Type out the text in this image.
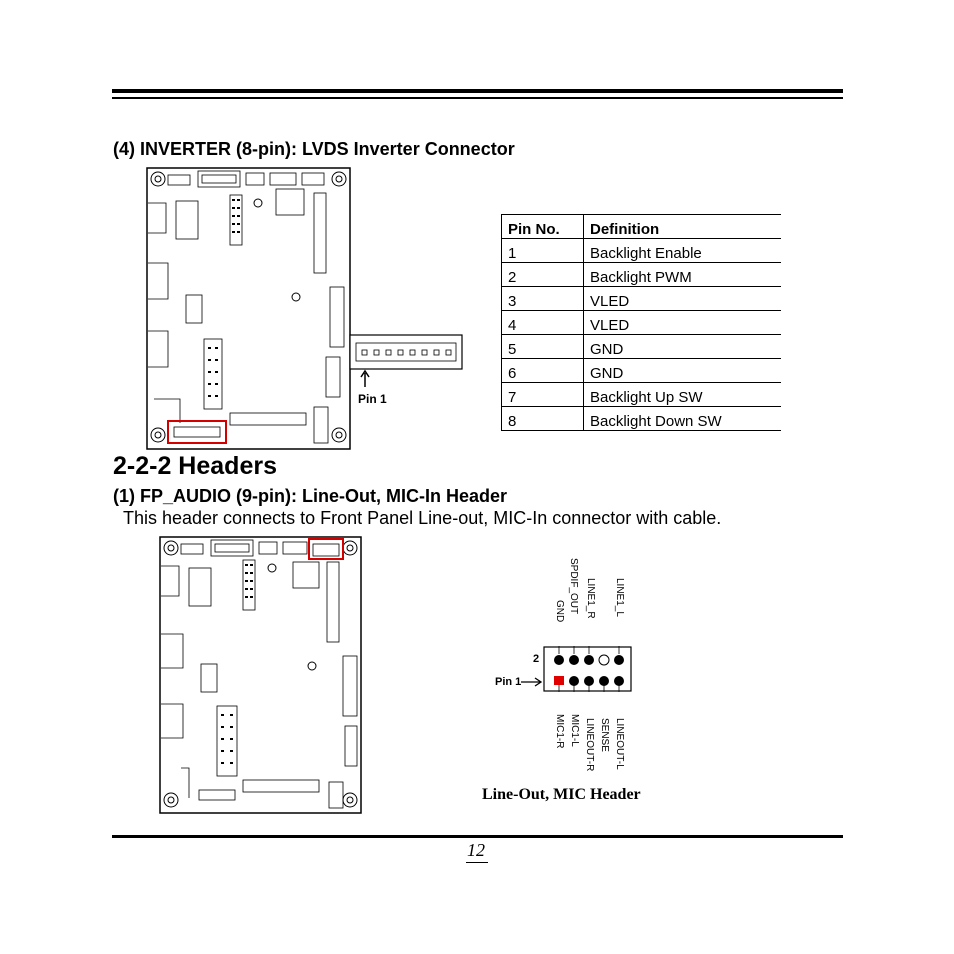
(4) INVERTER (8-pin): LVDS Inverter Connector
Pin 1
Pin No.	Definition
1	Backlight Enable
2	Backlight PWM
3	VLED
4	VLED
5	GND
6	GND
7	Backlight Up SW
8	Backlight Down SW
2-2-2 Headers
(1) FP_AUDIO (9-pin): Line-Out, MIC-In Header
This header connects to Front Panel Line-out, MIC-In connector with cable.
GND SPDIF_OUT LINE1_R LINE1_L
2
Pin 1
MIC1-R MIC1-L LINEOUT-R SENSE LINEOUT-L
Line-Out, MIC Header
12
